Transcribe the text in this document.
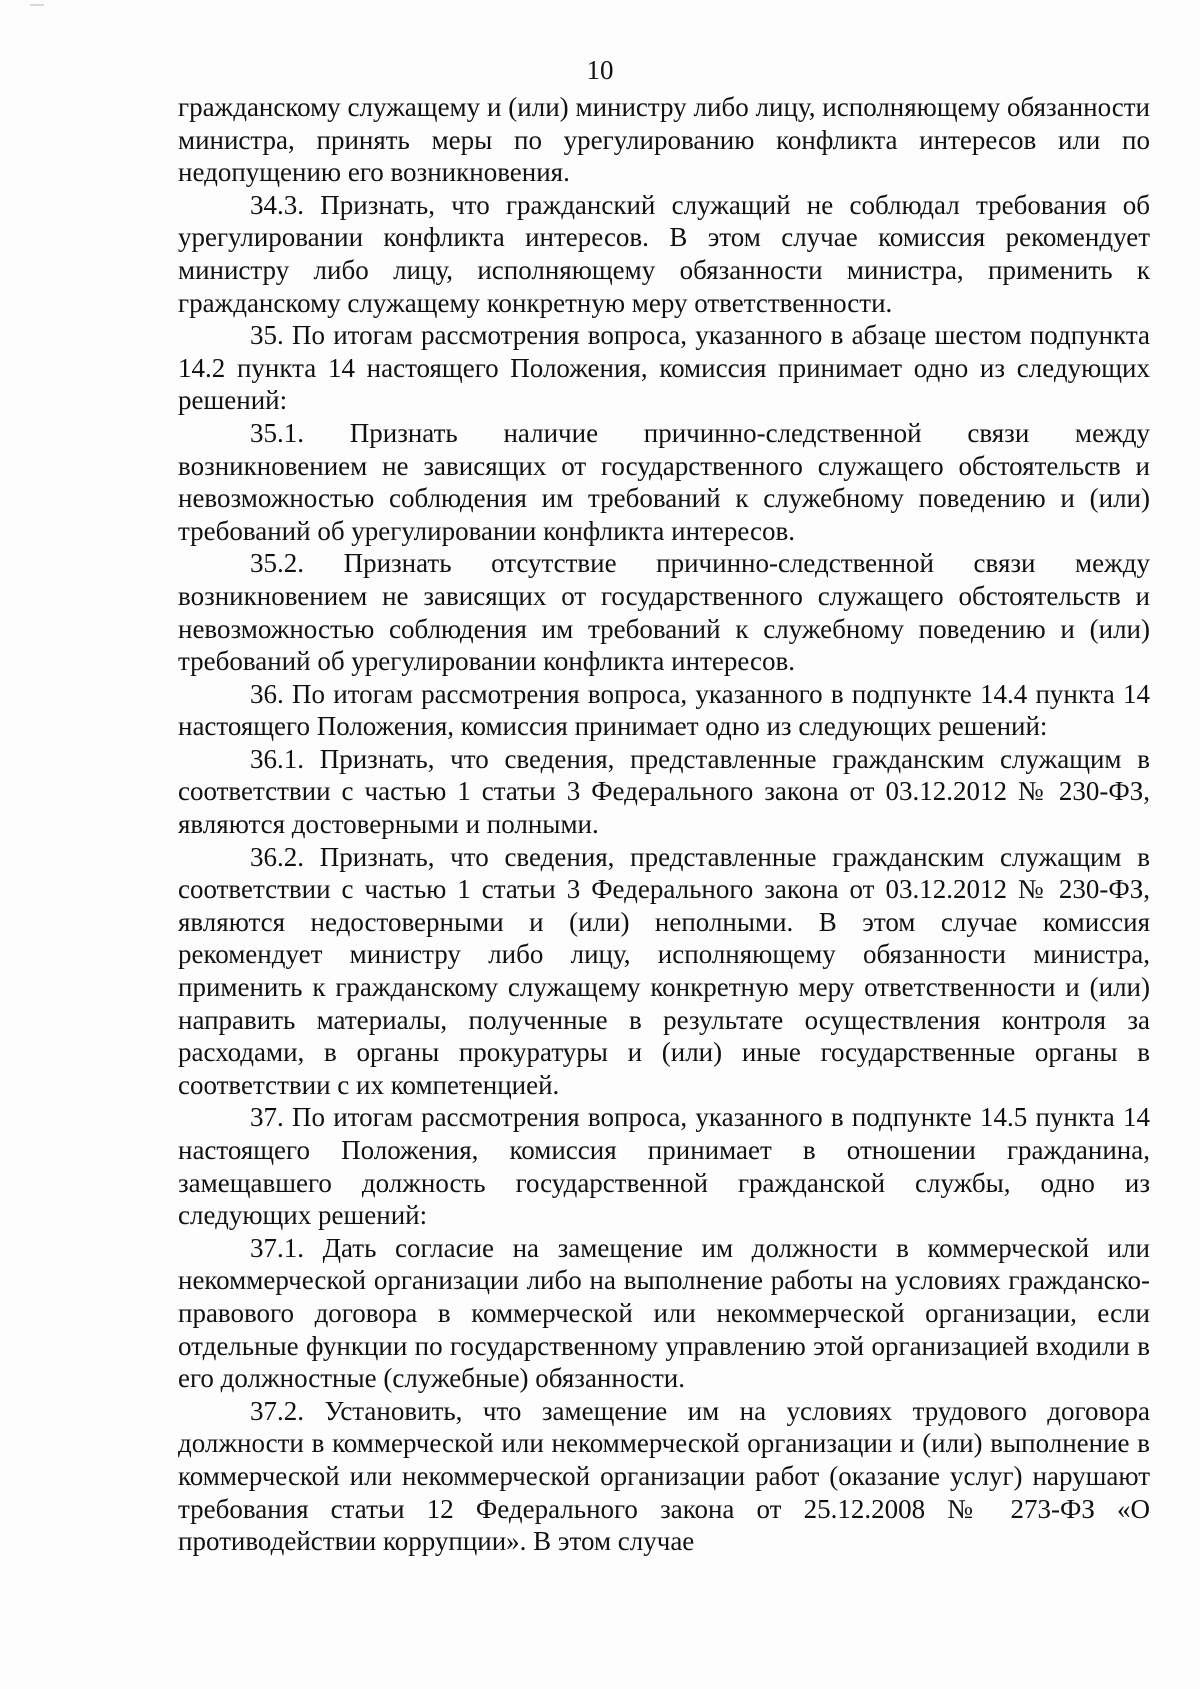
10

гражданскому служащему и (или) министру либо лицу, исполняющему обязанности министра, принять меры по урегулированию конфликта интересов или по недопущению его возникновения.

34.3. Признать, что гражданский служащий не соблюдал требования об урегулировании конфликта интересов. В этом случае комиссия рекомендует министру либо лицу, исполняющему обязанности министра, применить к гражданскому служащему конкретную меру ответственности.

35. По итогам рассмотрения вопроса, указанного в абзаце шестом подпункта 14.2 пункта 14 настоящего Положения, комиссия принимает одно из следующих решений:

35.1. Признать наличие причинно-следственной связи между возникновением не зависящих от государственного служащего обстоятельств и невозможностью соблюдения им требований к служебному поведению и (или) требований об урегулировании конфликта интересов.

35.2. Признать отсутствие причинно-следственной связи между возникновением не зависящих от государственного служащего обстоятельств и невозможностью соблюдения им требований к служебному поведению и (или) требований об урегулировании конфликта интересов.

36. По итогам рассмотрения вопроса, указанного в подпункте 14.4 пункта 14 настоящего Положения, комиссия принимает одно из следующих решений:

36.1. Признать, что сведения, представленные гражданским служащим в соответствии с частью 1 статьи 3 Федерального закона от 03.12.2012 № 230-ФЗ, являются достоверными и полными.

36.2. Признать, что сведения, представленные гражданским служащим в соответствии с частью 1 статьи 3 Федерального закона от 03.12.2012 № 230-ФЗ, являются недостоверными и (или) неполными. В этом случае комиссия рекомендует министру либо лицу, исполняющему обязанности министра, применить к гражданскому служащему конкретную меру ответственности и (или) направить материалы, полученные в результате осуществления контроля за расходами, в органы прокуратуры и (или) иные государственные органы в соответствии с их компетенцией.

37. По итогам рассмотрения вопроса, указанного в подпункте 14.5 пункта 14 настоящего Положения, комиссия принимает в отношении гражданина, замещавшего должность государственной гражданской службы, одно из следующих решений:

37.1. Дать согласие на замещение им должности в коммерческой или некоммерческой организации либо на выполнение работы на условиях гражданско-правового договора в коммерческой или некоммерческой организации, если отдельные функции по государственному управлению этой организацией входили в его должностные (служебные) обязанности.

37.2. Установить, что замещение им на условиях трудового договора должности в коммерческой или некоммерческой организации и (или) выполнение в коммерческой или некоммерческой организации работ (оказание услуг) нарушают требования статьи 12 Федерального закона от 25.12.2008 № 273-ФЗ «О противодействии коррупции». В этом случае
